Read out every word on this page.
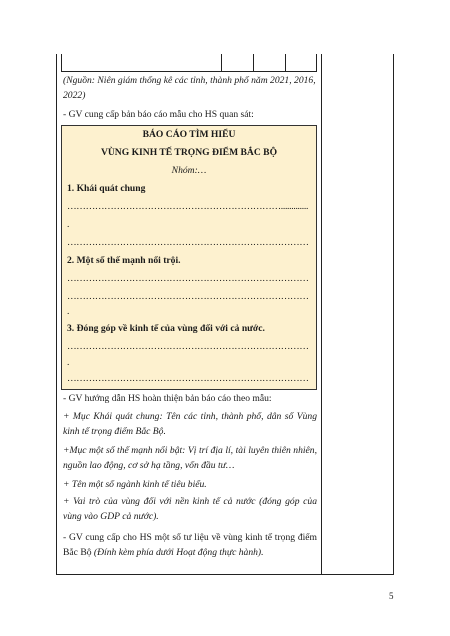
(Nguồn: Niên giám thống kê các tỉnh, thành phố năm 2021, 2016, 2022)
- GV cung cấp bản báo cáo mẫu cho HS quan sát:
BÁO CÁO TÌM HIỂU
VÙNG KINH TẾ TRỌNG ĐIỂM BẮC BỘ
Nhóm:…
1. Khái quát chung
…………………………………………………………….............
.
……………………………………………………………………
2. Một số thế mạnh nổi trội.
……………………………………………………………………
……………………………………………………………………
.
3. Đóng góp về kinh tế của vùng đối với cả nước.
……………………………………………………………………
.
……………………………………………………………………
- GV hướng dẫn HS hoàn thiện bản báo cáo theo mẫu:
+ Mục Khái quát chung: Tên các tỉnh, thành phố, dân số Vùng kinh tế trọng điểm Bắc Bộ.
+Mục một số thế mạnh nổi bật: Vị trí địa lí, tài luyên thiên nhiên, nguồn lao động, cơ sở hạ tầng, vốn đầu tư…
+ Tên một số ngành kinh tế tiêu biểu.
+ Vai trò của vùng đối với nền kinh tế cả nước (đóng góp của vùng vào GDP cả nước).
- GV cung cấp cho HS một số tư liệu về vùng kinh tế trọng điểm Bắc Bộ (Đính kèm phía dưới Hoạt động thực hành).
5
